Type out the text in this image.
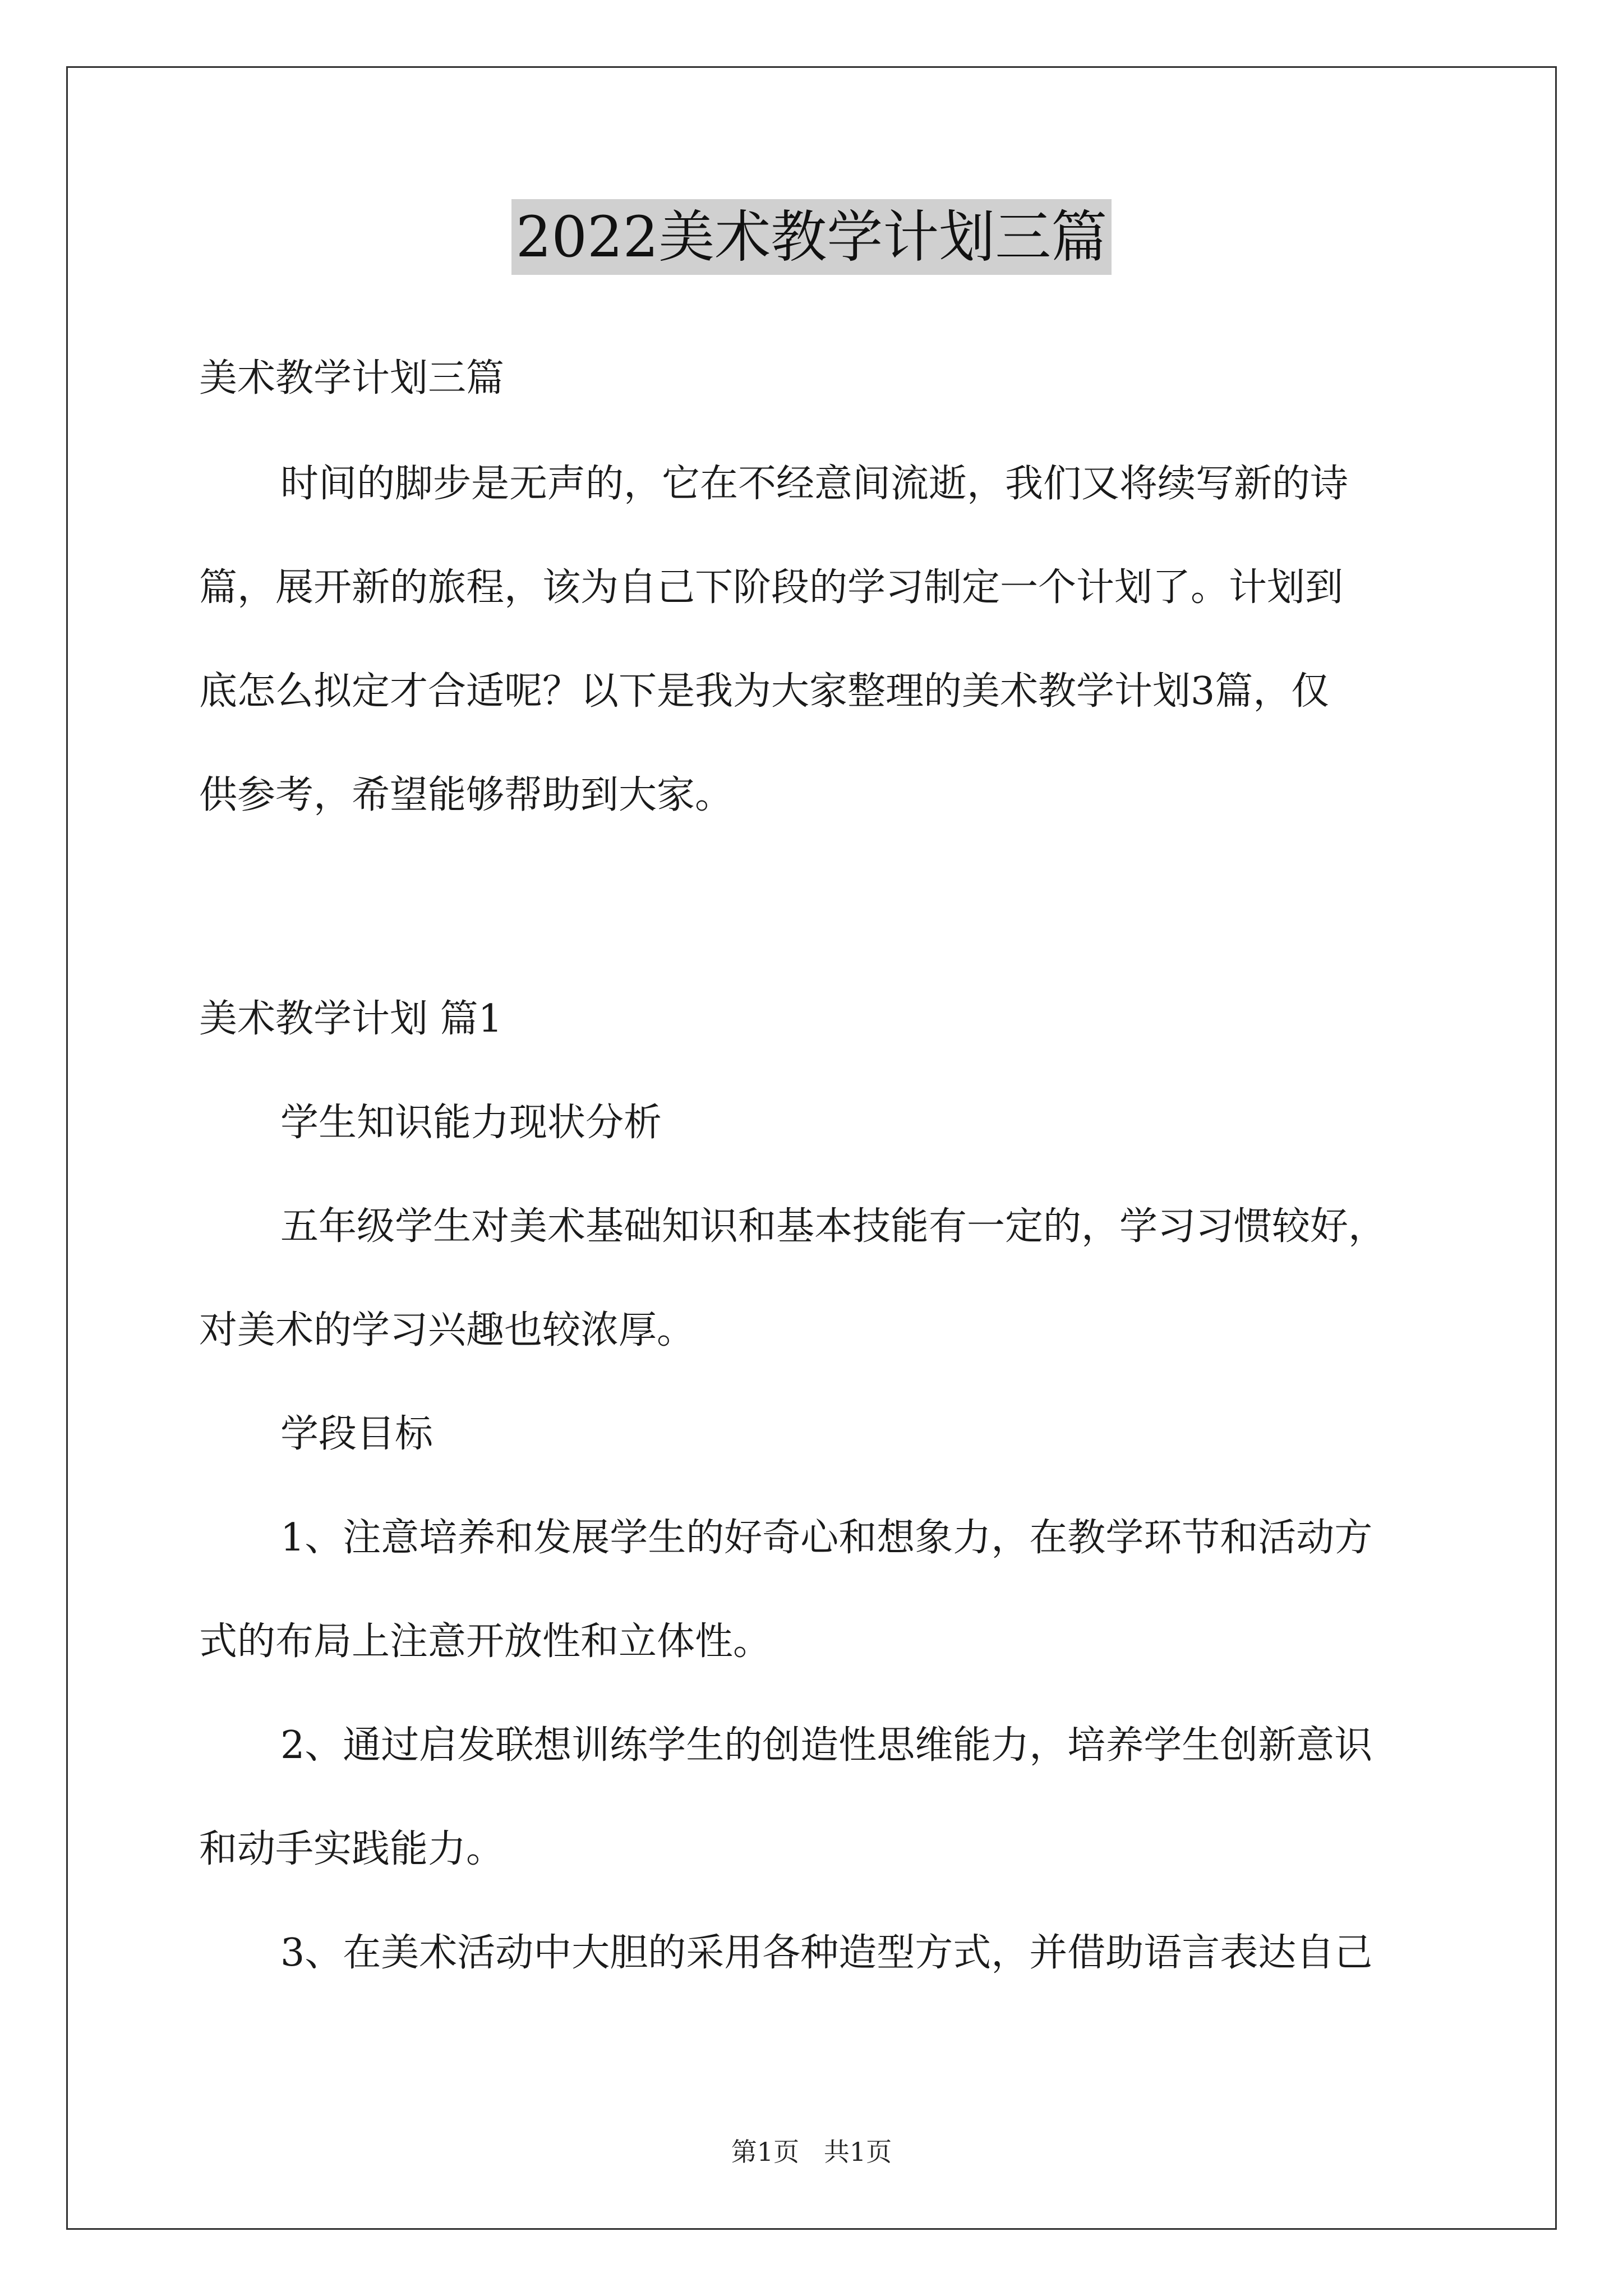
2022美术教学计划三篇
美术教学计划三篇
时间的脚步是无声的，它在不经意间流逝，我们又将续写新的诗
篇，展开新的旅程，该为自己下阶段的学习制定一个计划了。计划到
底怎么拟定才合适呢？以下是我为大家整理的美术教学计划3篇，仅
供参考，希望能够帮助到大家。
美术教学计划 篇1
学生知识能力现状分析
五年级学生对美术基础知识和基本技能有一定的，学习习惯较好，
对美术的学习兴趣也较浓厚。
学段目标
1、注意培养和发展学生的好奇心和想象力，在教学环节和活动方
式的布局上注意开放性和立体性。
2、通过启发联想训练学生的创造性思维能力，培养学生创新意识
和动手实践能力。
3、在美术活动中大胆的采用各种造型方式，并借助语言表达自己
第1页   共1页
